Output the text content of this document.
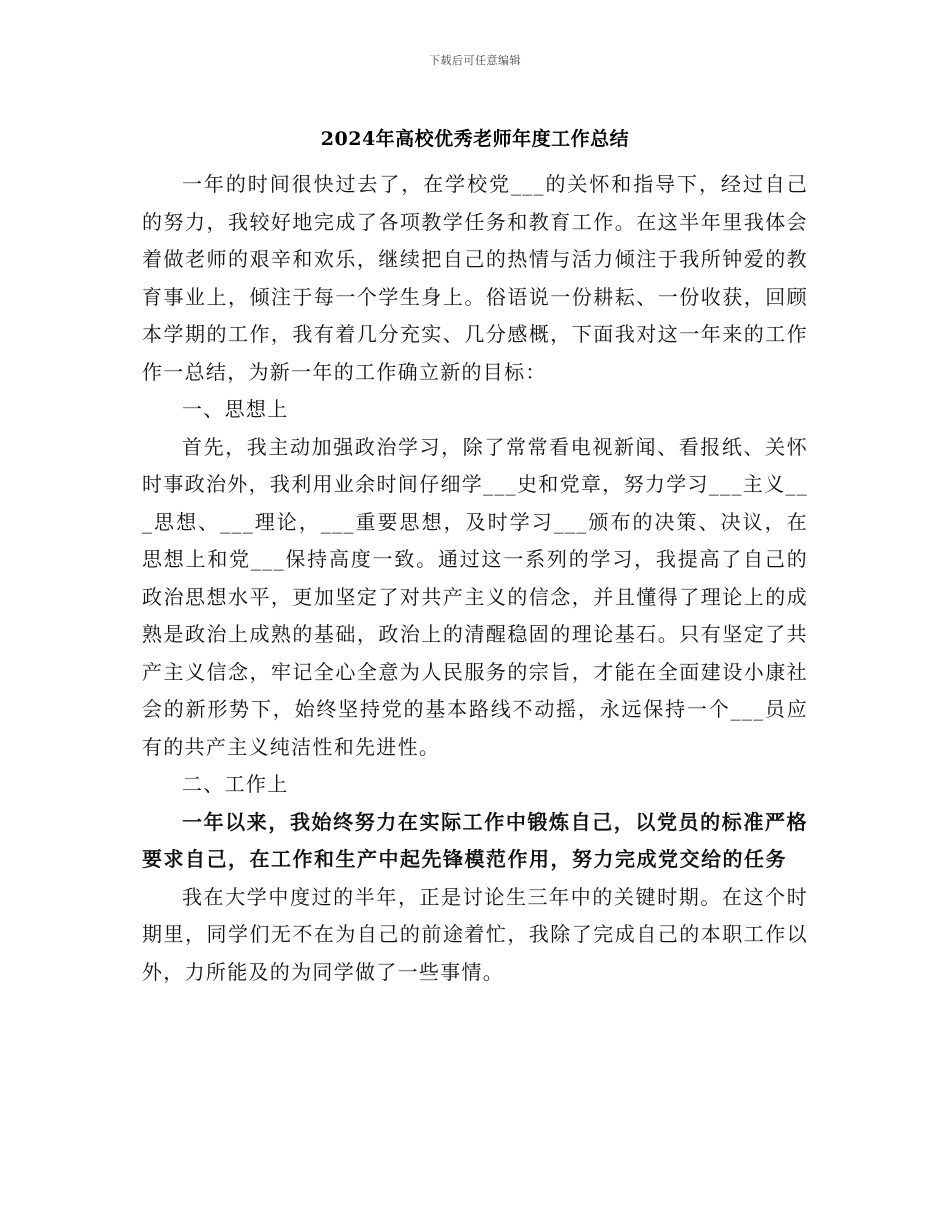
下载后可任意编辑
2024年高校优秀老师年度工作总结

一年的时间很快过去了，在学校党___的关怀和指导下，经过自己的努力，我较好地完成了各项教学任务和教育工作。在这半年里我体会着做老师的艰辛和欢乐，继续把自己的热情与活力倾注于我所钟爱的教育事业上，倾注于每一个学生身上。俗语说一份耕耘、一份收获，回顾本学期的工作，我有着几分充实、几分感概，下面我对这一年来的工作作一总结，为新一年的工作确立新的目标：

一、思想上

首先，我主动加强政治学习，除了常常看电视新闻、看报纸、关怀时事政治外，我利用业余时间仔细学___史和党章，努力学习___主义___思想、___理论，___重要思想，及时学习___颁布的决策、决议，在思想上和党___保持高度一致。通过这一系列的学习，我提高了自己的政治思想水平，更加坚定了对共产主义的信念，并且懂得了理论上的成熟是政治上成熟的基础，政治上的清醒稳固的理论基石。只有坚定了共产主义信念，牢记全心全意为人民服务的宗旨，才能在全面建设小康社会的新形势下，始终坚持党的基本路线不动摇，永远保持一个___员应有的共产主义纯洁性和先进性。

二、工作上

一年以来，我始终努力在实际工作中锻炼自己，以党员的标准严格要求自己，在工作和生产中起先锋模范作用，努力完成党交给的任务

我在大学中度过的半年，正是讨论生三年中的关键时期。在这个时期里，同学们无不在为自己的前途着忙，我除了完成自己的本职工作以外，力所能及的为同学做了一些事情。
